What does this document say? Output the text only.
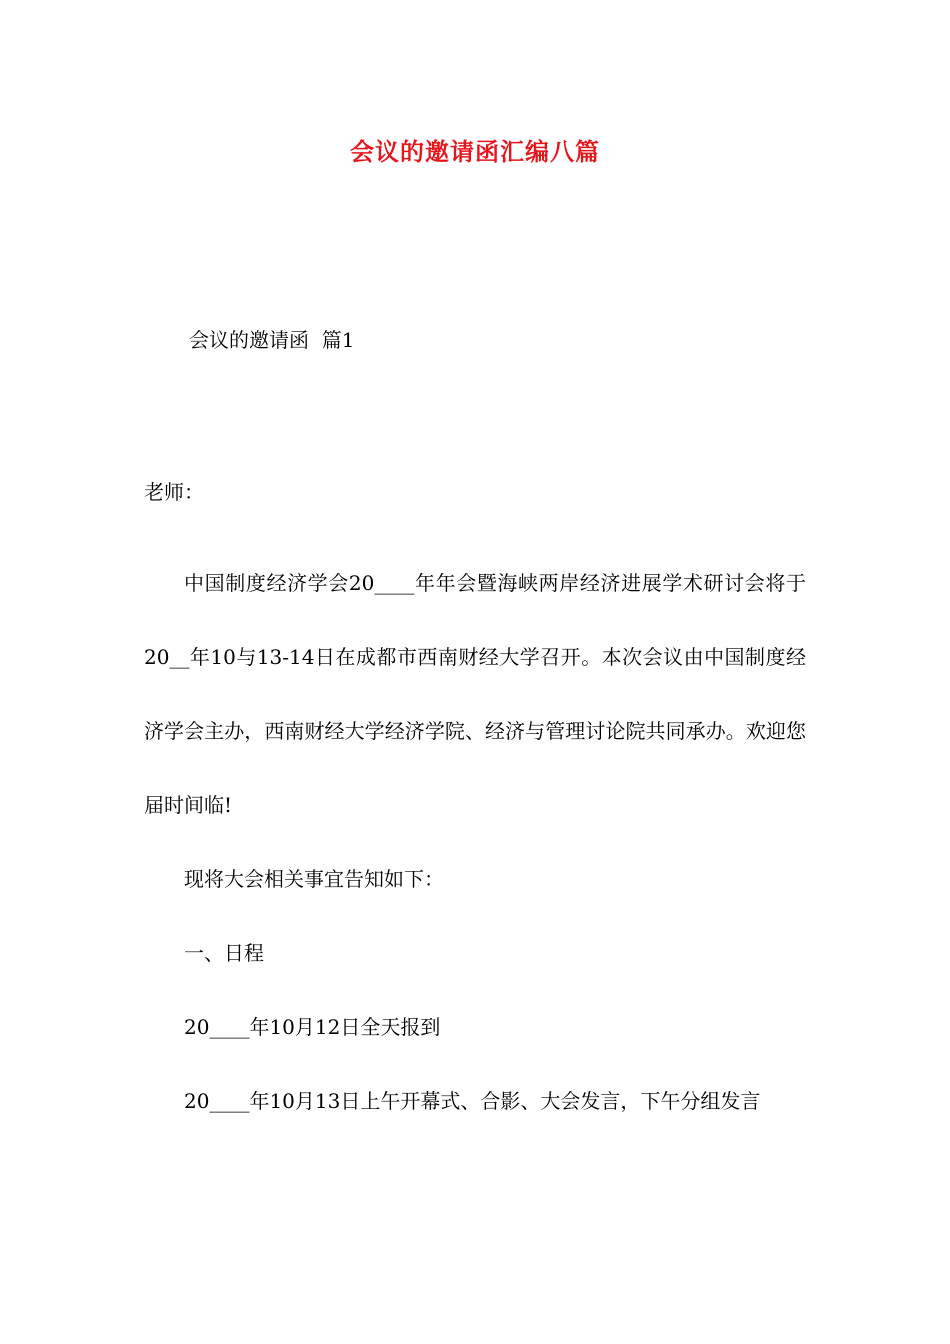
会议的邀请函汇编八篇
会议的邀请函  篇1
老师：

中国制度经济学会20____年年会暨海峡两岸经济进展学术研讨会将于20__年10与13-14日在成都市西南财经大学召开。本次会议由中国制度经济学会主办，西南财经大学经济学院、经济与管理讨论院共同承办。欢迎您届时间临!

现将大会相关事宜告知如下：

一、日程

20____年10月12日全天报到

20____年10月13日上午开幕式、合影、大会发言，下午分组发言
